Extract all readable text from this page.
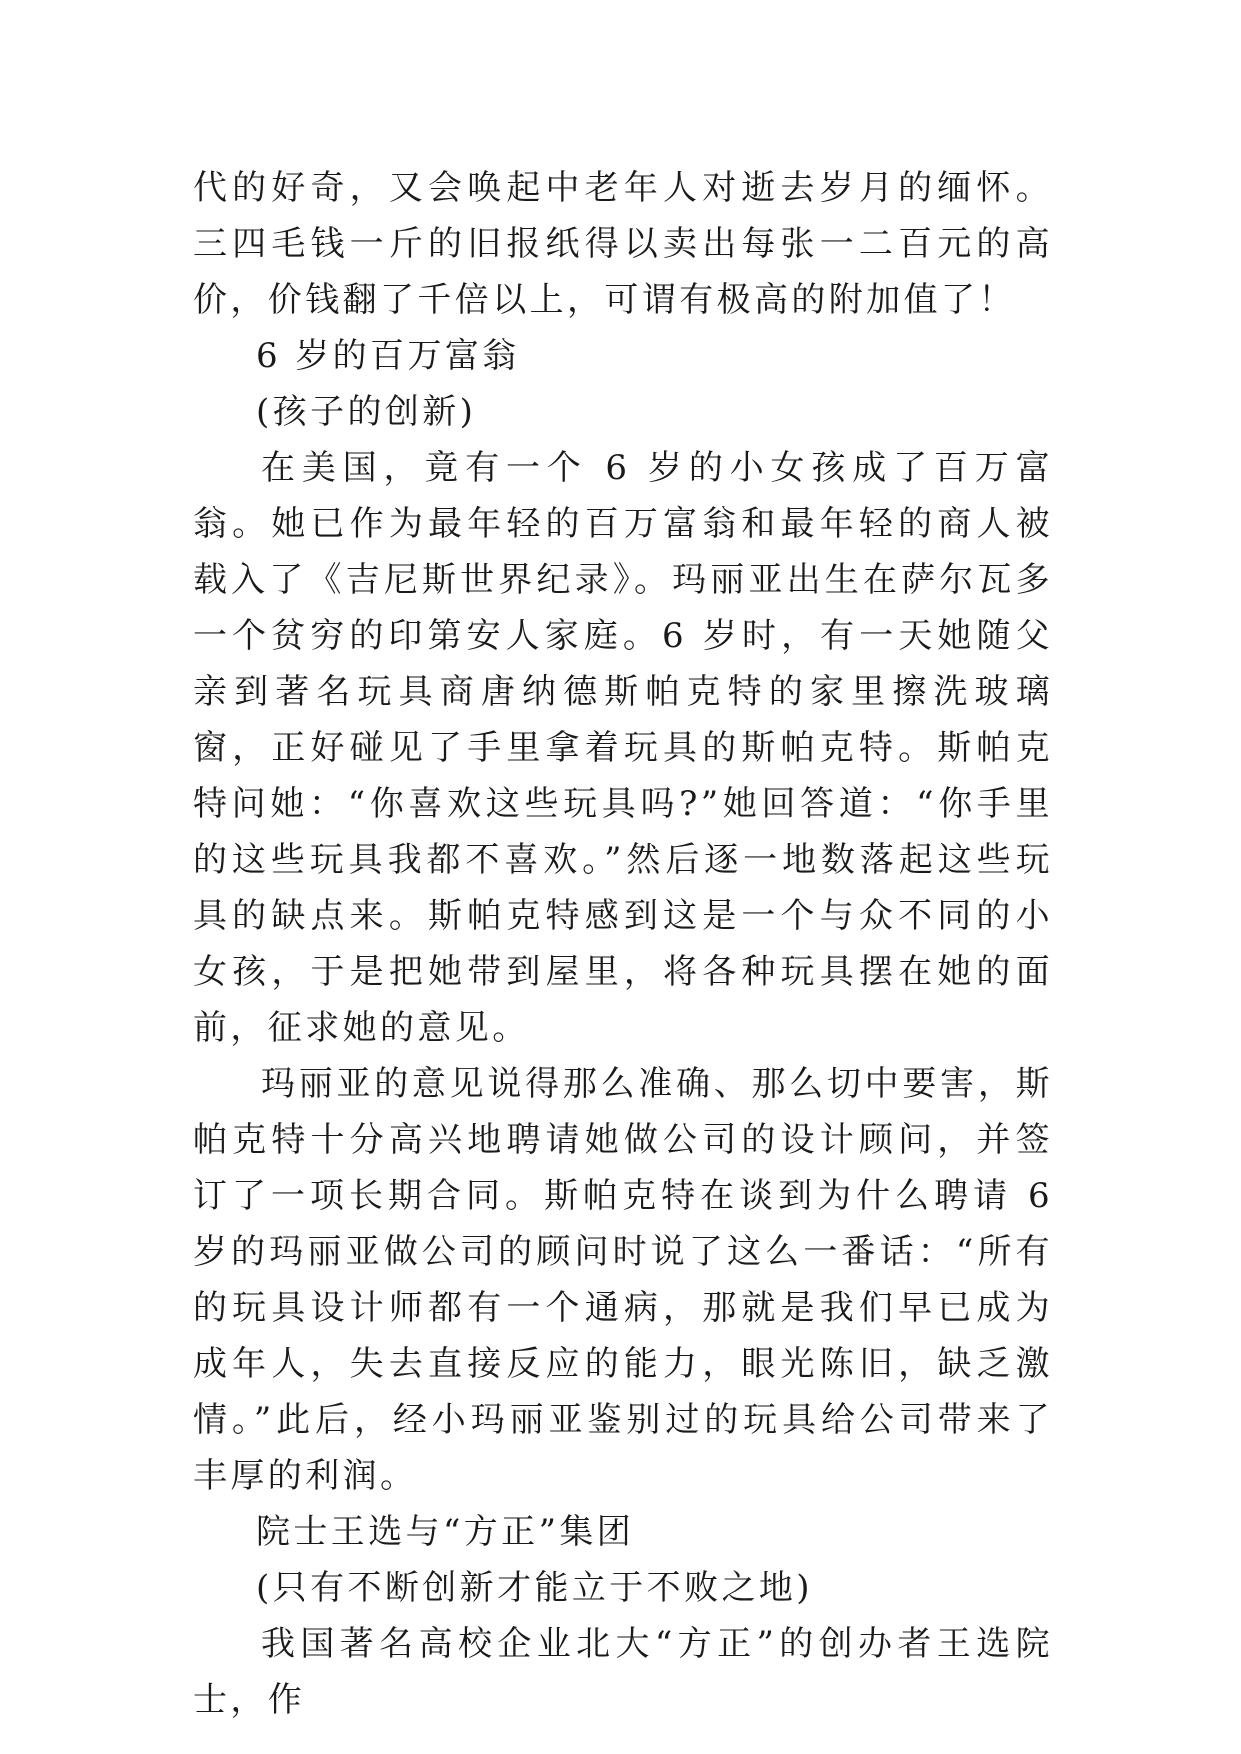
代的好奇，又会唤起中老年人对逝去岁月的缅怀。三四毛钱一斤的旧报纸得以卖出每张一二百元的高价，价钱翻了千倍以上，可谓有极高的附加值了！

6 岁的百万富翁

(孩子的创新)

在美国，竟有一个 6 岁的小女孩成了百万富翁。她已作为最年轻的百万富翁和最年轻的商人被载入了《吉尼斯世界纪录》。玛丽亚出生在萨尔瓦多一个贫穷的印第安人家庭。6 岁时，有一天她随父亲到著名玩具商唐纳德斯帕克特的家里擦洗玻璃窗，正好碰见了手里拿着玩具的斯帕克特。斯帕克特问她：“你喜欢这些玩具吗?”她回答道：“你手里的这些玩具我都不喜欢。”然后逐一地数落起这些玩具的缺点来。斯帕克特感到这是一个与众不同的小女孩，于是把她带到屋里，将各种玩具摆在她的面前，征求她的意见。

玛丽亚的意见说得那么准确、那么切中要害，斯帕克特十分高兴地聘请她做公司的设计顾问，并签订了一项长期合同。斯帕克特在谈到为什么聘请 6 岁的玛丽亚做公司的顾问时说了这么一番话：“所有的玩具设计师都有一个通病，那就是我们早已成为成年人，失去直接反应的能力，眼光陈旧，缺乏激情。”此后，经小玛丽亚鉴别过的玩具给公司带来了丰厚的利润。

院士王选与“方正”集团

(只有不断创新才能立于不败之地)

我国著名高校企业北大“方正”的创办者王选院士，作
